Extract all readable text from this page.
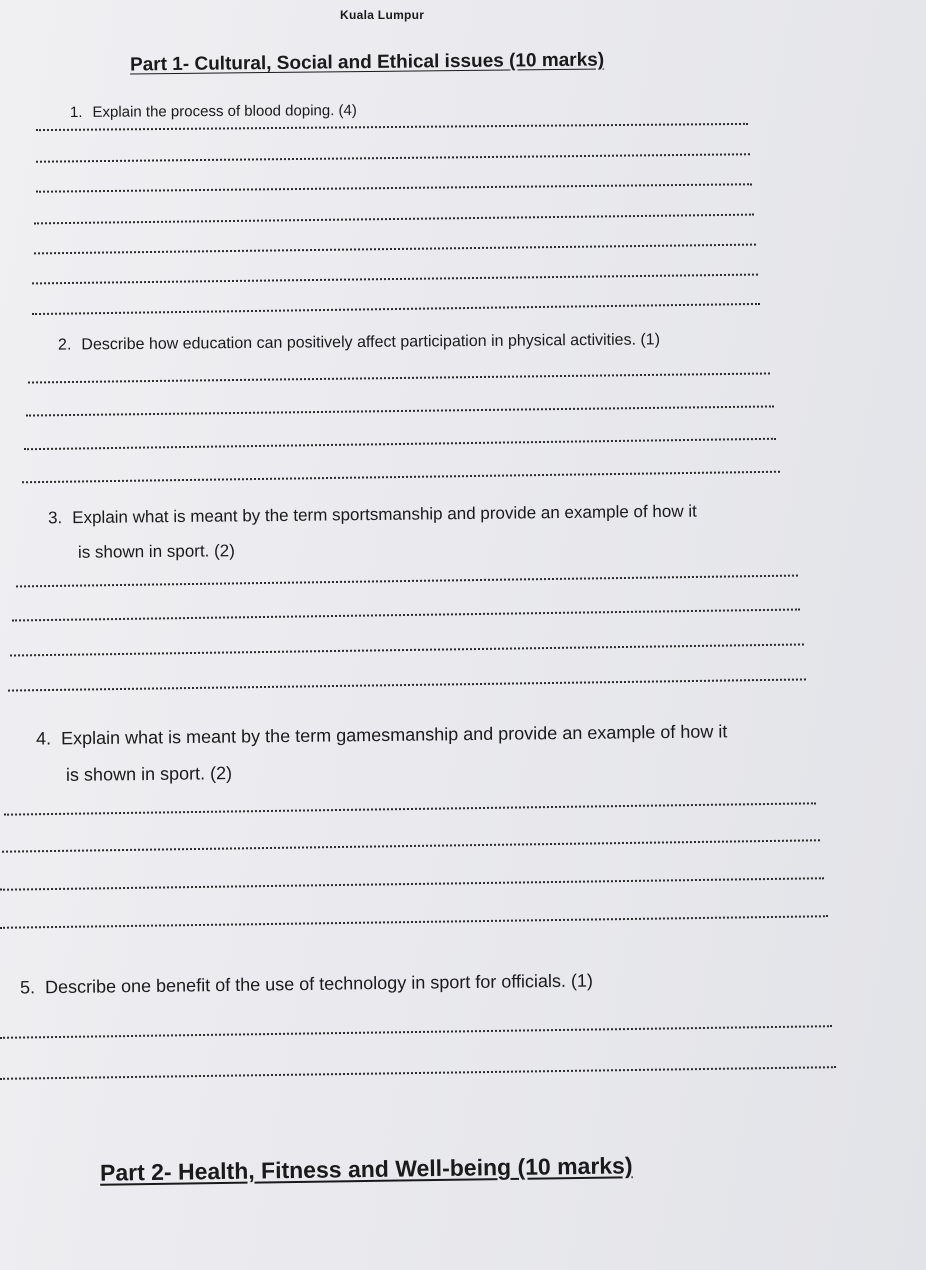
Kuala Lumpur
Part 1- Cultural, Social and Ethical issues (10 marks)
1. Explain the process of blood doping. (4)
2. Describe how education can positively affect participation in physical activities. (1)
3. Explain what is meant by the term sportsmanship and provide an example of how it
is shown in sport. (2)
4. Explain what is meant by the term gamesmanship and provide an example of how it
is shown in sport. (2)
5. Describe one benefit of the use of technology in sport for officials. (1)
Part 2- Health, Fitness and Well-being (10 marks)
